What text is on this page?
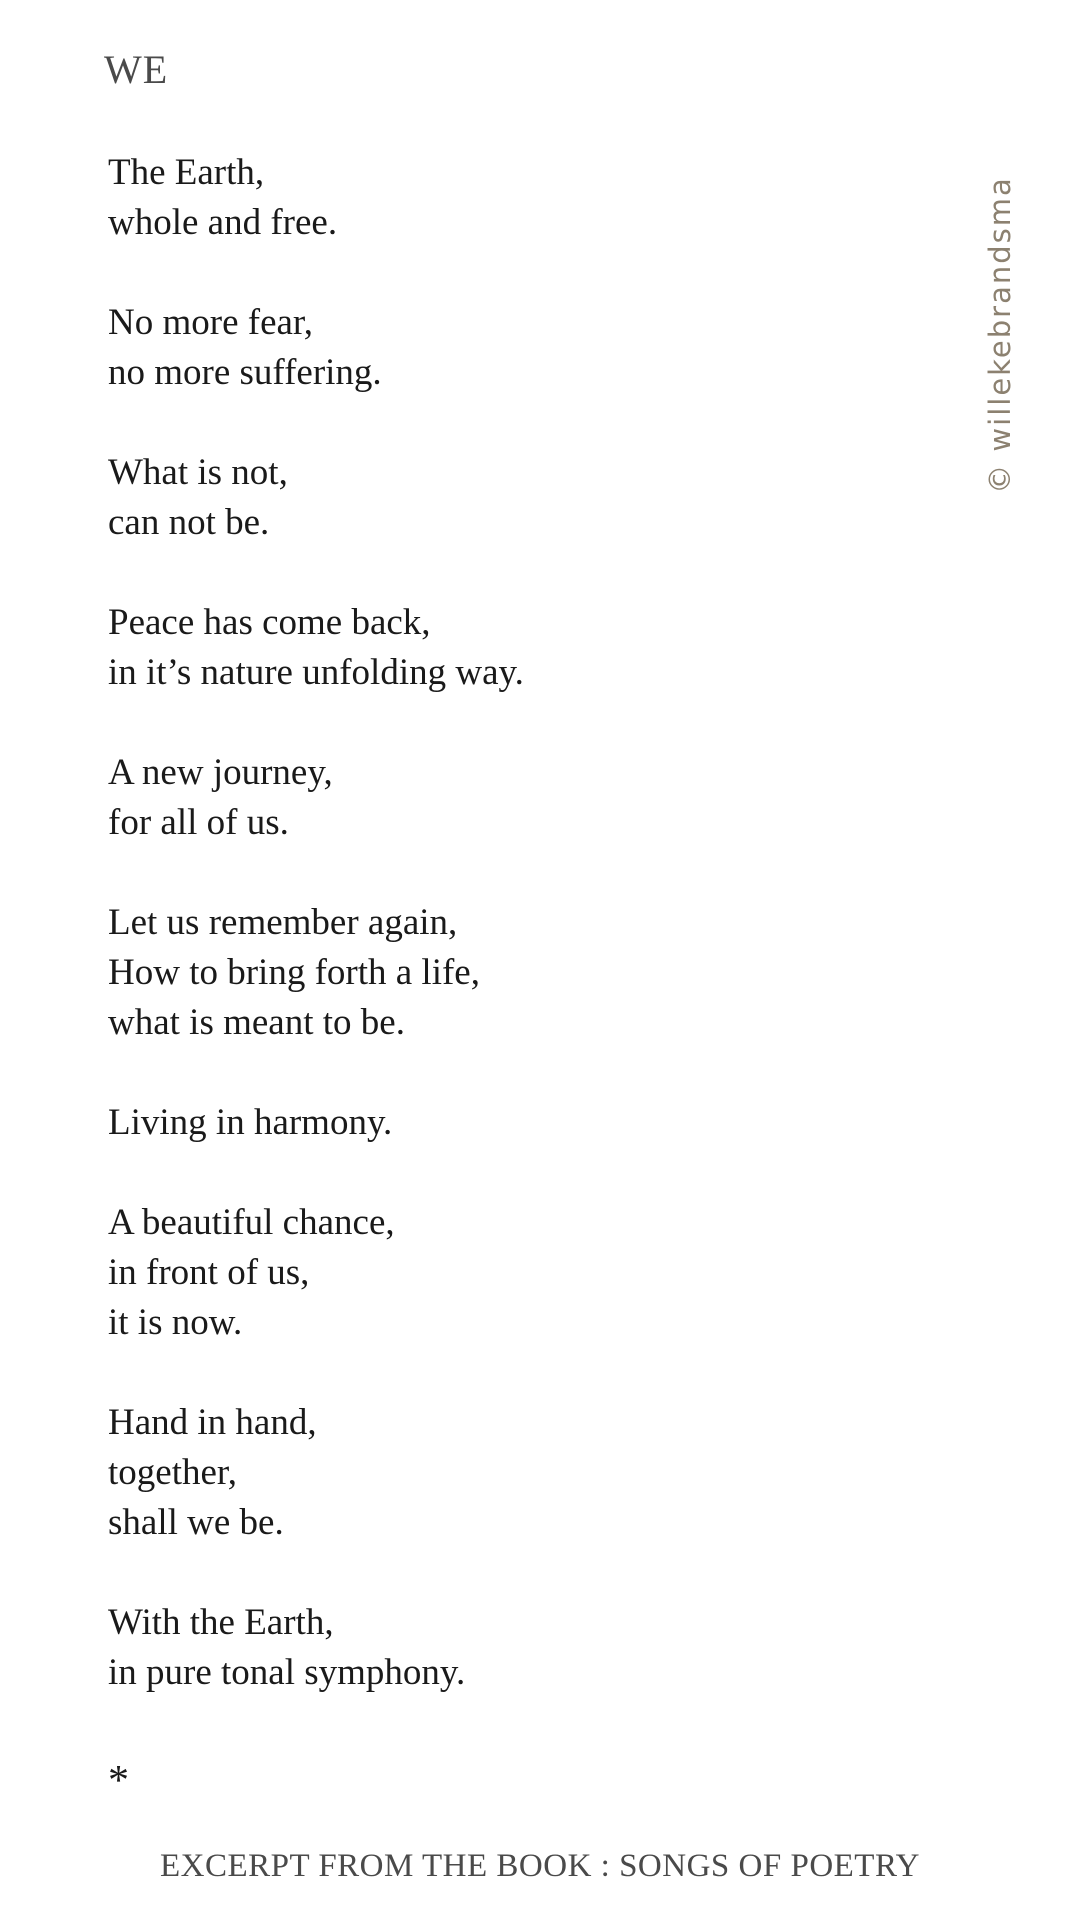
WE
The Earth,
whole and free.
No more fear,
no more suffering.
What is not,
can not be.
Peace has come back,
in it’s nature unfolding way.
A new journey,
for all of us.
Let us remember again,
How to bring forth a life,
what is meant to be.
Living in harmony.
A beautiful chance,
in front of us,
it is now.
Hand in hand,
together,
shall we be.
With the Earth,
in pure tonal symphony.
*
EXCERPT FROM THE BOOK : SONGS OF POETRY
© willekebrandsma
